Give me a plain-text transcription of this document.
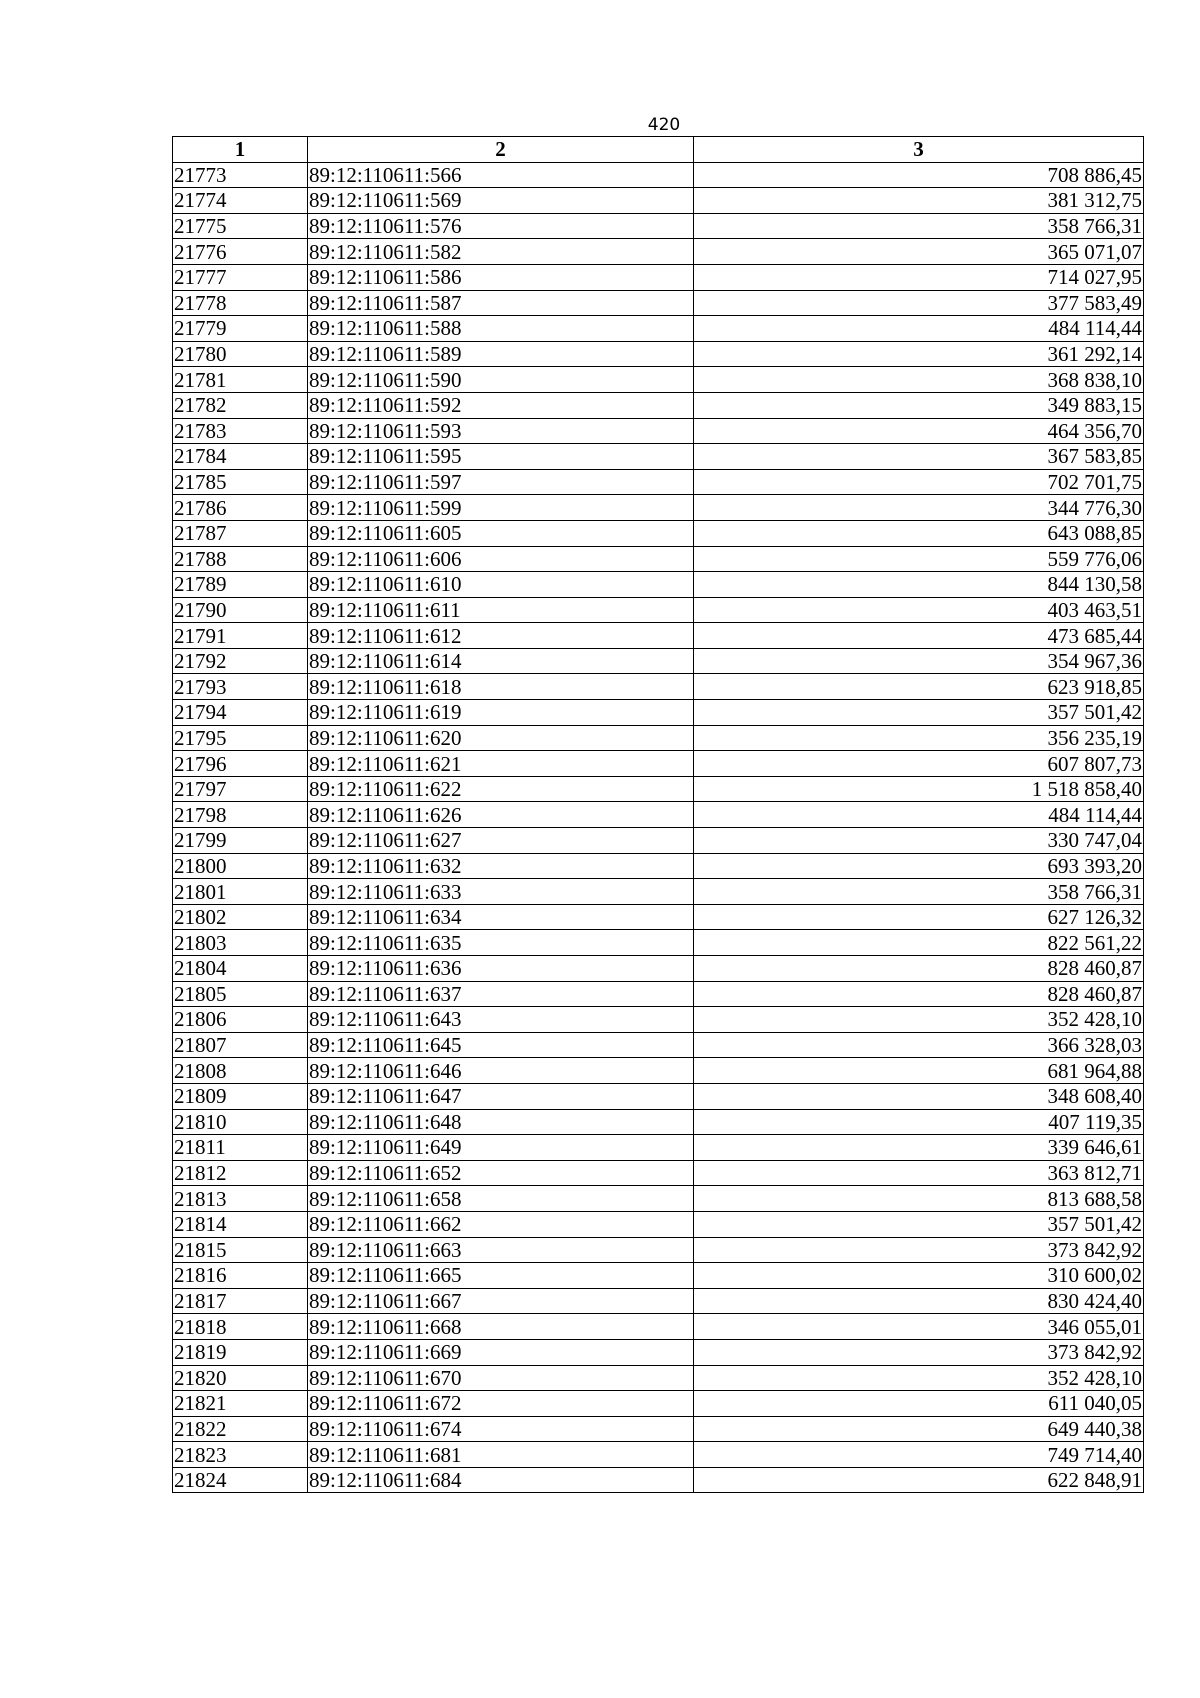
420
1	2	3
21773	89:12:110611:566	708 886,45
21774	89:12:110611:569	381 312,75
21775	89:12:110611:576	358 766,31
21776	89:12:110611:582	365 071,07
21777	89:12:110611:586	714 027,95
21778	89:12:110611:587	377 583,49
21779	89:12:110611:588	484 114,44
21780	89:12:110611:589	361 292,14
21781	89:12:110611:590	368 838,10
21782	89:12:110611:592	349 883,15
21783	89:12:110611:593	464 356,70
21784	89:12:110611:595	367 583,85
21785	89:12:110611:597	702 701,75
21786	89:12:110611:599	344 776,30
21787	89:12:110611:605	643 088,85
21788	89:12:110611:606	559 776,06
21789	89:12:110611:610	844 130,58
21790	89:12:110611:611	403 463,51
21791	89:12:110611:612	473 685,44
21792	89:12:110611:614	354 967,36
21793	89:12:110611:618	623 918,85
21794	89:12:110611:619	357 501,42
21795	89:12:110611:620	356 235,19
21796	89:12:110611:621	607 807,73
21797	89:12:110611:622	1 518 858,40
21798	89:12:110611:626	484 114,44
21799	89:12:110611:627	330 747,04
21800	89:12:110611:632	693 393,20
21801	89:12:110611:633	358 766,31
21802	89:12:110611:634	627 126,32
21803	89:12:110611:635	822 561,22
21804	89:12:110611:636	828 460,87
21805	89:12:110611:637	828 460,87
21806	89:12:110611:643	352 428,10
21807	89:12:110611:645	366 328,03
21808	89:12:110611:646	681 964,88
21809	89:12:110611:647	348 608,40
21810	89:12:110611:648	407 119,35
21811	89:12:110611:649	339 646,61
21812	89:12:110611:652	363 812,71
21813	89:12:110611:658	813 688,58
21814	89:12:110611:662	357 501,42
21815	89:12:110611:663	373 842,92
21816	89:12:110611:665	310 600,02
21817	89:12:110611:667	830 424,40
21818	89:12:110611:668	346 055,01
21819	89:12:110611:669	373 842,92
21820	89:12:110611:670	352 428,10
21821	89:12:110611:672	611 040,05
21822	89:12:110611:674	649 440,38
21823	89:12:110611:681	749 714,40
21824	89:12:110611:684	622 848,91
